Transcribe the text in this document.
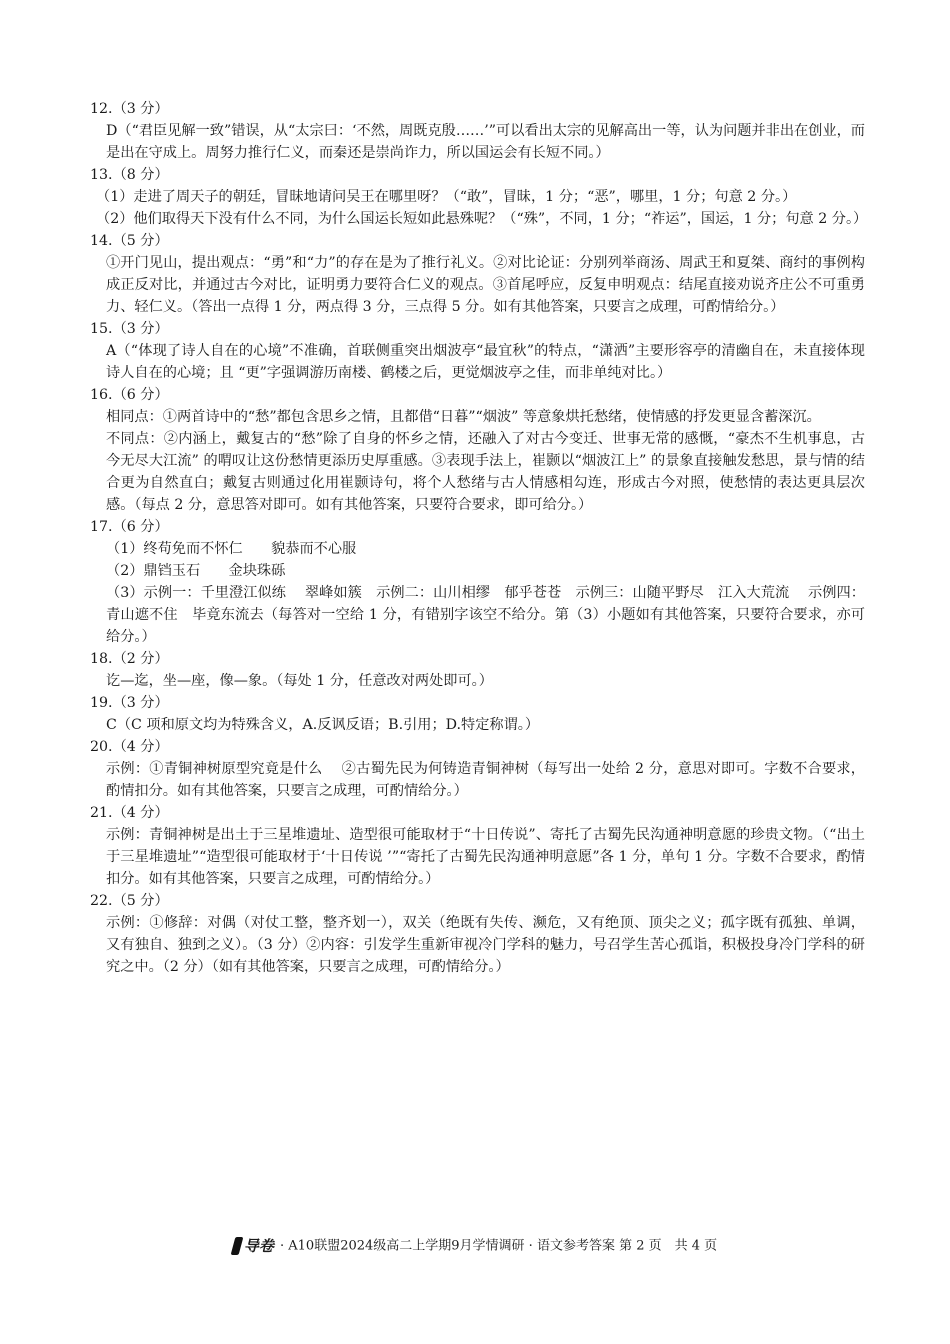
12.（3 分）
D（“君臣见解一致”错误，从“太宗曰：‘不然，周既克殷……’”可以看出太宗的见解高出一等，认为问题并非出在创业，而是出在守成上。周努力推行仁义，而秦还是崇尚诈力，所以国运会有长短不同。）
13.（8 分）
（1）走进了周天子的朝廷，冒昧地请问吴王在哪里呀？（“敢”，冒昧，1 分；“恶”，哪里，1 分；句意 2 分。）
（2）他们取得天下没有什么不同，为什么国运长短如此悬殊呢？（“殊”，不同，1 分；“祚运”，国运，1 分；句意 2 分。）
14.（5 分）
①开门见山，提出观点：“勇”和“力”的存在是为了推行礼义。②对比论证：分别列举商汤、周武王和夏桀、商纣的事例构成正反对比，并通过古今对比，证明勇力要符合仁义的观点。③首尾呼应，反复申明观点：结尾直接劝说齐庄公不可重勇力、轻仁义。（答出一点得 1 分，两点得 3 分，三点得 5 分。如有其他答案，只要言之成理，可酌情给分。）
15.（3 分）
A（“体现了诗人自在的心境”不准确，首联侧重突出烟波亭“最宜秋”的特点，“潇洒”主要形容亭的清幽自在，未直接体现诗人自在的心境；且 “更”字强调游历南楼、鹤楼之后，更觉烟波亭之佳，而非单纯对比。）
16.（6 分）
相同点：①两首诗中的“愁”都包含思乡之情，且都借“日暮”“烟波” 等意象烘托愁绪，使情感的抒发更显含蓄深沉。
不同点：②内涵上，戴复古的“愁”除了自身的怀乡之情，还融入了对古今变迁、世事无常的感慨，“豪杰不生机事息，古今无尽大江流” 的喟叹让这份愁情更添历史厚重感。③表现手法上，崔颢以“烟波江上” 的景象直接触发愁思，景与情的结合更为自然直白；戴复古则通过化用崔颢诗句，将个人愁绪与古人情感相勾连，形成古今对照，使愁情的表达更具层次感。（每点 2 分，意思答对即可。如有其他答案，只要符合要求，即可给分。）
17.（6 分）
（1）终苟免而不怀仁　　貌恭而不心服
（2）鼎铛玉石　　金块珠砾
（3）示例一：千里澄江似练　 翠峰如簇　示例二：山川相缪　郁乎苍苍　示例三：山随平野尽　江入大荒流　 示例四：青山遮不住　毕竟东流去（每答对一空给 1 分，有错别字该空不给分。第（3）小题如有其他答案，只要符合要求，亦可给分。）
18.（2 分）
讫—迄，坐—座，像—象。（每处 1 分，任意改对两处即可。）
19.（3 分）
C（C 项和原文均为特殊含义，A.反讽反语；B.引用；D.特定称谓。）
20.（4 分）
示例：①青铜神树原型究竟是什么　 ②古蜀先民为何铸造青铜神树（每写出一处给 2 分，意思对即可。字数不合要求，酌情扣分。如有其他答案，只要言之成理，可酌情给分。）
21.（4 分）
示例：青铜神树是出土于三星堆遗址、造型很可能取材于“十日传说”、寄托了古蜀先民沟通神明意愿的珍贵文物。（“出土于三星堆遗址”“造型很可能取材于‘十日传说 ’”“寄托了古蜀先民沟通神明意愿”各 1 分，单句 1 分。字数不合要求，酌情扣分。如有其他答案，只要言之成理，可酌情给分。）
22.（5 分）
示例：①修辞：对偶（对仗工整，整齐划一），双关（绝既有失传、濒危，又有绝顶、顶尖之义；孤字既有孤独、单调，又有独自、独到之义）。（3 分）②内容：引发学生重新审视冷门学科的魅力，号召学生苦心孤诣，积极投身冷门学科的研究之中。（2 分）（如有其他答案，只要言之成理，可酌情给分。）
导卷 · A10联盟2024级高二上学期9月学情调研 · 语文参考答案 第 2 页　共 4 页
